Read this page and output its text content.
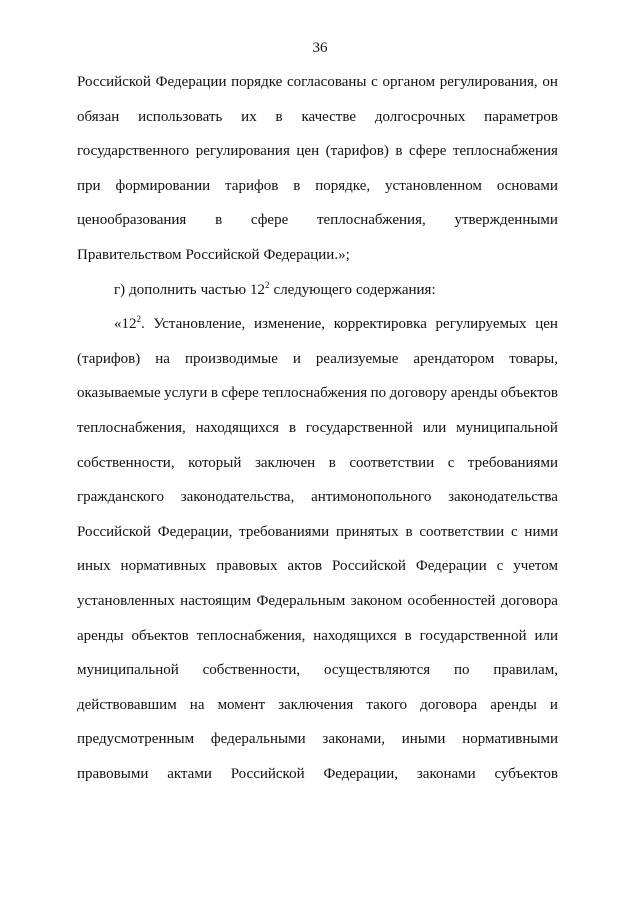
36
Российской Федерации порядке согласованы с органом регулирования, он
обязан использовать их в качестве долгосрочных параметров
государственного регулирования цен (тарифов) в сфере теплоснабжения
при формировании тарифов в порядке, установленном основами
ценообразования в сфере теплоснабжения, утвержденными
Правительством Российской Федерации.»;
г) дополнить частью $12^2$ следующего содержания:
«$12^2$. Установление, изменение, корректировка регулируемых цен
(тарифов) на производимые и реализуемые арендатором товары,
оказываемые услуги в сфере теплоснабжения по договору аренды объектов
теплоснабжения, находящихся в государственной или муниципальной
собственности, который заключен в соответствии с требованиями
гражданского законодательства, антимонопольного законодательства
Российской Федерации, требованиями принятых в соответствии с ними
иных нормативных правовых актов Российской Федерации с учетом
установленных настоящим Федеральным законом особенностей договора
аренды объектов теплоснабжения, находящихся в государственной или
муниципальной собственности, осуществляются по правилам,
действовавшим на момент заключения такого договора аренды и
предусмотренным федеральными законами, иными нормативными
правовыми актами Российской Федерации, законами субъектов
